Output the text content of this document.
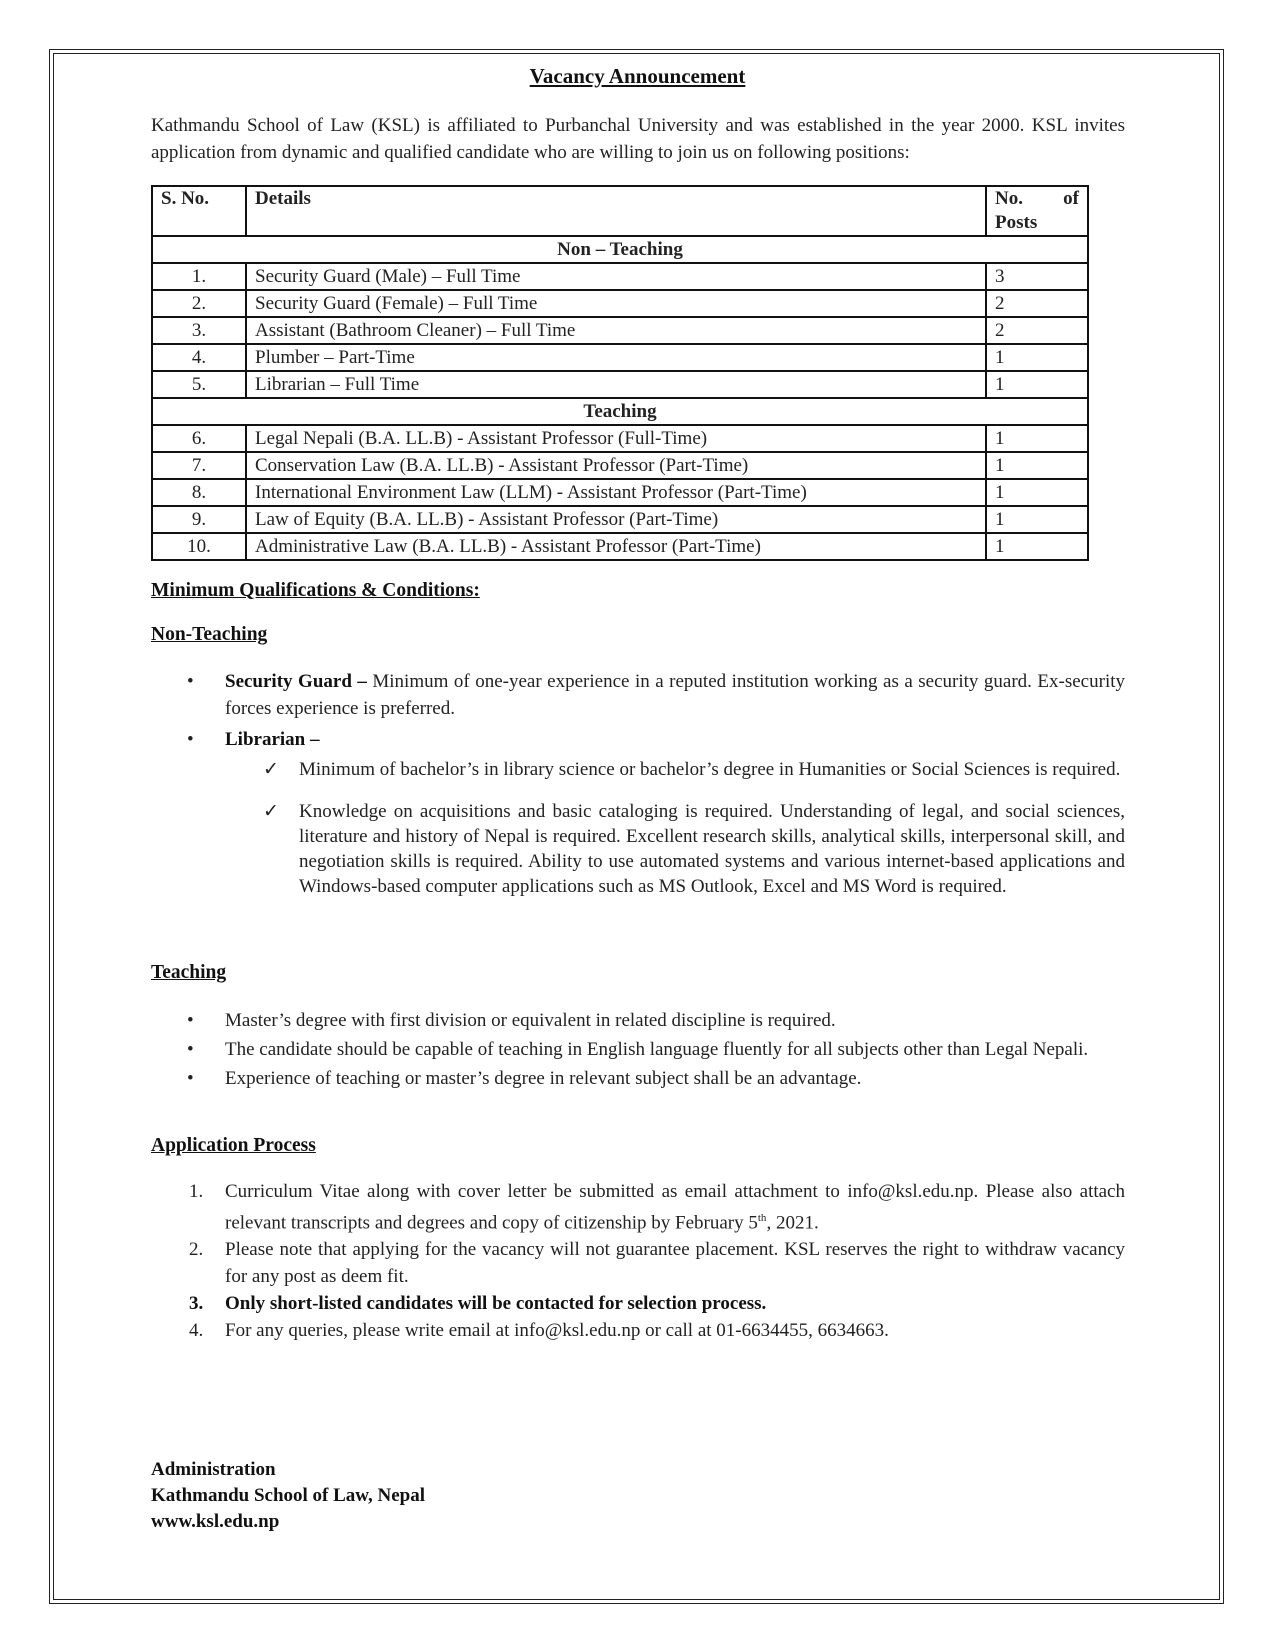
Vacancy Announcement
Kathmandu School of Law (KSL) is affiliated to Purbanchal University and was established in the year 2000. KSL invites application from dynamic and qualified candidate who are willing to join us on following positions:
S. No.	Details	No. of
Posts

Non – Teaching		
1.	Security Guard (Male) – Full Time	3
2.	Security Guard (Female) – Full Time	2
3.	Assistant (Bathroom Cleaner) – Full Time	2
4.	Plumber – Part-Time	1
5.	Librarian – Full Time	1
Teaching		
6.	Legal Nepali (B.A. LL.B) - Assistant Professor (Full-Time)	1
7.	Conservation Law (B.A. LL.B) - Assistant Professor (Part-Time)	1
8.	International Environment Law (LLM) - Assistant Professor (Part-Time)	1
9.	Law of Equity (B.A. LL.B) - Assistant Professor (Part-Time)	1
10.	Administrative Law (B.A. LL.B) - Assistant Professor (Part-Time)	1
Minimum Qualifications & Conditions:
Non-Teaching
• Security Guard – Minimum of one-year experience in a reputed institution working as a security guard. Ex-security forces experience is preferred.
• Librarian –
✓ Minimum of bachelor’s in library science or bachelor’s degree in Humanities or Social Sciences is required.
✓ Knowledge on acquisitions and basic cataloging is required. Understanding of legal, and social sciences, literature and history of Nepal is required. Excellent research skills, analytical skills, interpersonal skill, and negotiation skills is required. Ability to use automated systems and various internet-based applications and Windows-based computer applications such as MS Outlook, Excel and MS Word is required.
Teaching
• Master’s degree with first division or equivalent in related discipline is required.
• The candidate should be capable of teaching in English language fluently for all subjects other than Legal Nepali.
• Experience of teaching or master’s degree in relevant subject shall be an advantage.
Application Process
1. Curriculum Vitae along with cover letter be submitted as email attachment to info@ksl.edu.np. Please also attach relevant transcripts and degrees and copy of citizenship by February 5th, 2021.
2. Please note that applying for the vacancy will not guarantee placement. KSL reserves the right to withdraw vacancy for any post as deem fit.
3. Only short-listed candidates will be contacted for selection process.
4. For any queries, please write email at info@ksl.edu.np or call at 01-6634455, 6634663.
Administration
Kathmandu School of Law, Nepal
www.ksl.edu.np
